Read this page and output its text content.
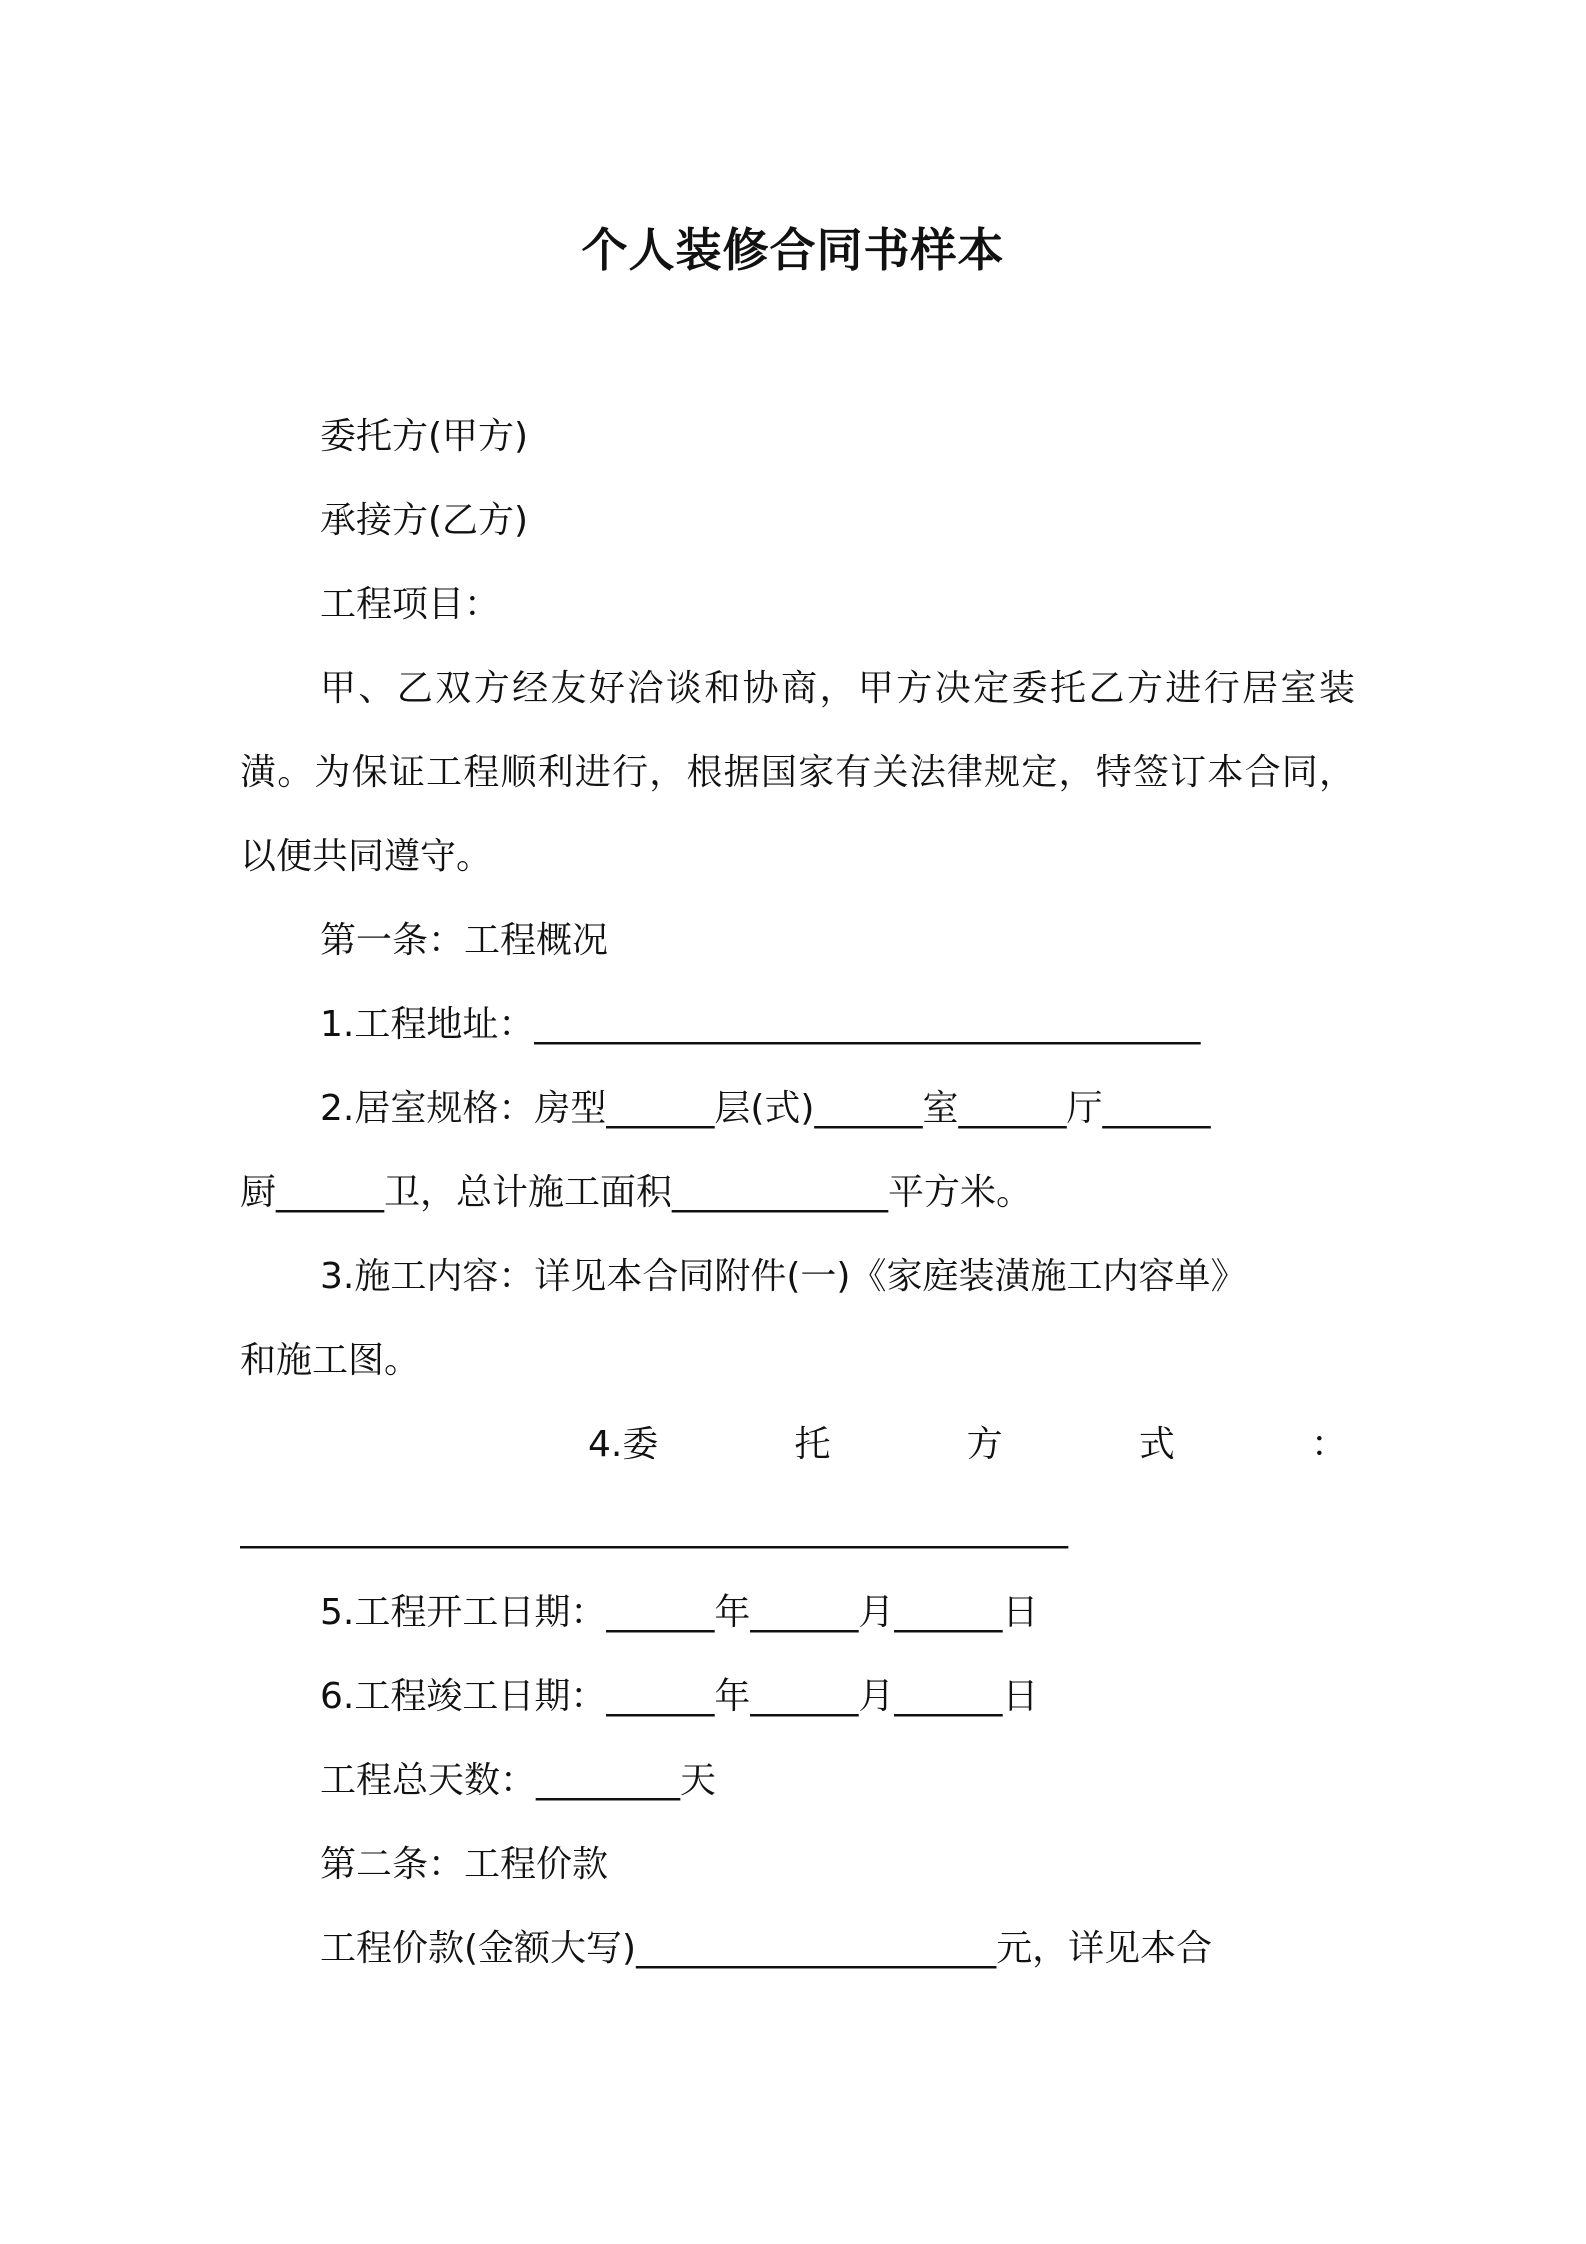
个人装修合同书样本

委托方(甲方)

承接方(乙方)

工程项目：

甲、乙双方经友好洽谈和协商，甲方决定委托乙方进行居室装潢。为保证工程顺利进行，根据国家有关法律规定，特签订本合同，以便共同遵守。

第一条：工程概况

1.工程地址：_____________________________________

2.居室规格：房型______层(式)______室______厅______

厨______卫，总计施工面积____________平方米。

3.施工内容：详见本合同附件(一)《家庭装潢施工内容单》

和施工图。

4.委	托	方	式	：

______________________________________________

5.工程开工日期：______年______月______日

6.工程竣工日期：______年______月______日

工程总天数：________天

第二条：工程价款

工程价款(金额大写)____________________元，详见本合
